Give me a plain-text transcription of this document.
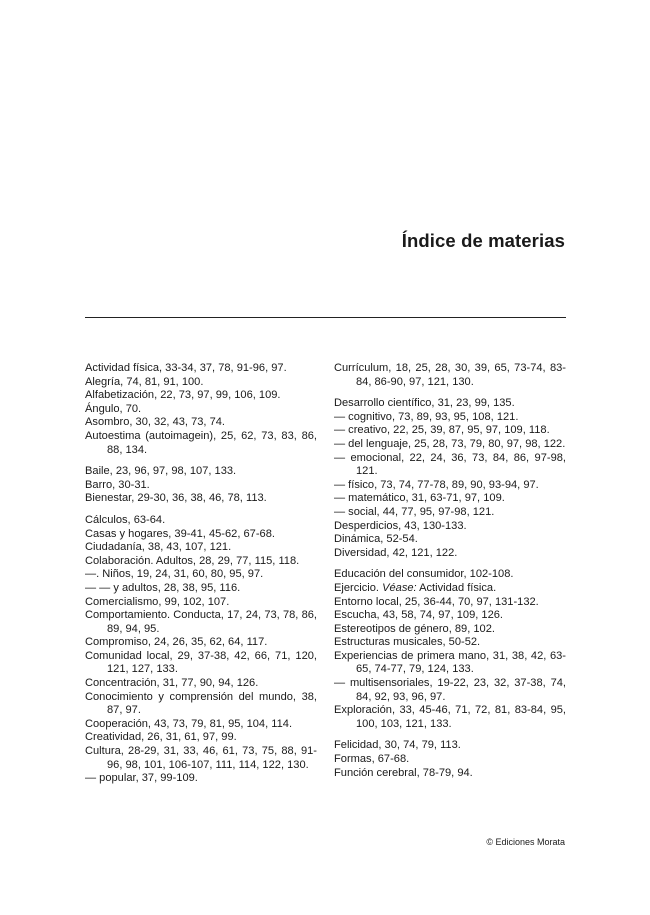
Índice de materias
Actividad física, 33-34, 37, 78, 91-96, 97.
Alegría, 74, 81, 91, 100.
Alfabetización, 22, 73, 97, 99, 106, 109.
Ángulo, 70.
Asombro, 30, 32, 43, 73, 74.
Autoestima (autoimagein), 25, 62, 73, 83, 86, 88, 134.
Baile, 23, 96, 97, 98, 107, 133.
Barro, 30-31.
Bienestar, 29-30, 36, 38, 46, 78, 113.
Cálculos, 63-64.
Casas y hogares, 39-41, 45-62, 67-68.
Ciudadanía, 38, 43, 107, 121.
Colaboración. Adultos, 28, 29, 77, 115, 118.
—. Niños, 19, 24, 31, 60, 80, 95, 97.
— — y adultos, 28, 38, 95, 116.
Comercialismo, 99, 102, 107.
Comportamiento. Conducta, 17, 24, 73, 78, 86, 89, 94, 95.
Compromiso, 24, 26, 35, 62, 64, 117.
Comunidad local, 29, 37-38, 42, 66, 71, 120, 121, 127, 133.
Concentración, 31, 77, 90, 94, 126.
Conocimiento y comprensión del mundo, 38, 87, 97.
Cooperación, 43, 73, 79, 81, 95, 104, 114.
Creatividad, 26, 31, 61, 97, 99.
Cultura, 28-29, 31, 33, 46, 61, 73, 75, 88, 91-96, 98, 101, 106-107, 111, 114, 122, 130.
— popular, 37, 99-109.
Currículum, 18, 25, 28, 30, 39, 65, 73-74, 83-84, 86-90, 97, 121, 130.
Desarrollo científico, 31, 23, 99, 135.
— cognitivo, 73, 89, 93, 95, 108, 121.
— creativo, 22, 25, 39, 87, 95, 97, 109, 118.
— del lenguaje, 25, 28, 73, 79, 80, 97, 98, 122.
— emocional, 22, 24, 36, 73, 84, 86, 97-98, 121.
— físico, 73, 74, 77-78, 89, 90, 93-94, 97.
— matemático, 31, 63-71, 97, 109.
— social, 44, 77, 95, 97-98, 121.
Desperdicios, 43, 130-133.
Dinámica, 52-54.
Diversidad, 42, 121, 122.
Educación del consumidor, 102-108.
Ejercicio. Véase: Actividad física.
Entorno local, 25, 36-44, 70, 97, 131-132.
Escucha, 43, 58, 74, 97, 109, 126.
Estereotipos de género, 89, 102.
Estructuras musicales, 50-52.
Experiencias de primera mano, 31, 38, 42, 63-65, 74-77, 79, 124, 133.
— multisensoriales, 19-22, 23, 32, 37-38, 74, 84, 92, 93, 96, 97.
Exploración, 33, 45-46, 71, 72, 81, 83-84, 95, 100, 103, 121, 133.
Felicidad, 30, 74, 79, 113.
Formas, 67-68.
Función cerebral, 78-79, 94.
© Ediciones Morata
